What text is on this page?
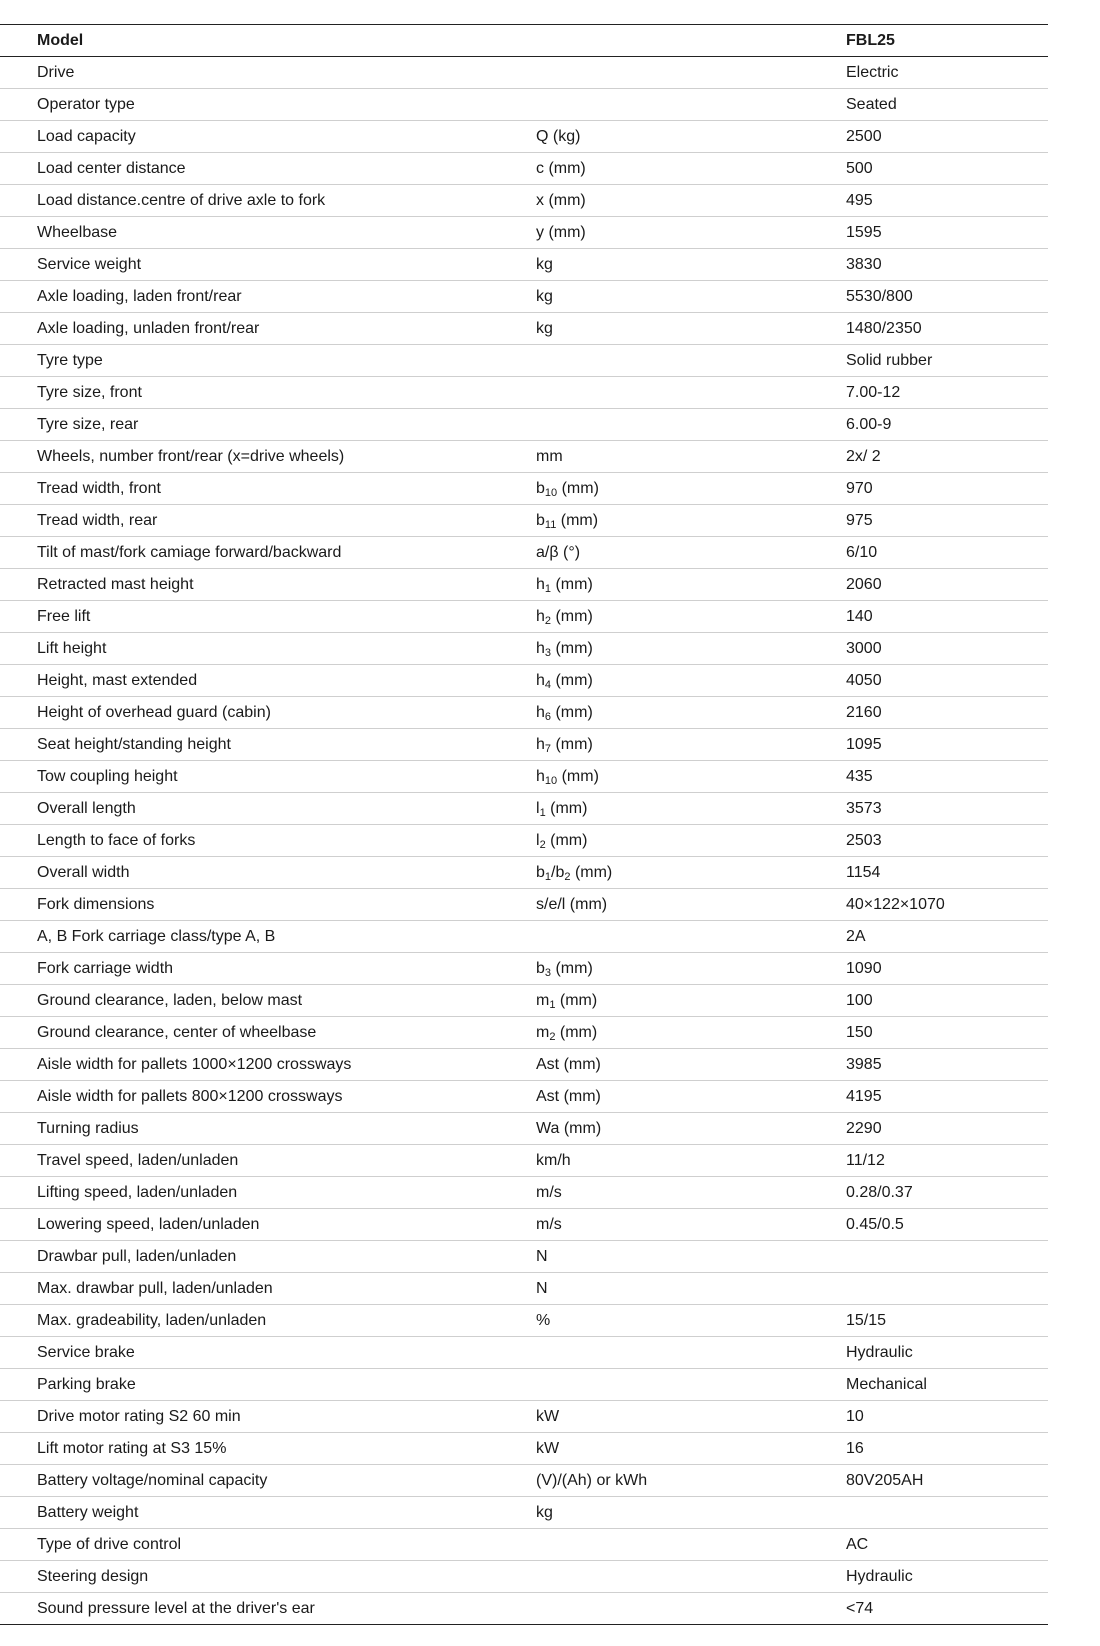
Model		FBL25
Drive		Electric
Operator type		Seated
Load capacity	Q (kg)	2500
Load center distance	c (mm)	500
Load distance.centre of drive axle to fork	x (mm)	495
Wheelbase	y (mm)	1595
Service weight	kg	3830
Axle loading, laden front/rear	kg	5530/800
Axle loading, unladen front/rear	kg	1480/2350
Tyre type		Solid rubber
Tyre size, front		7.00-12
Tyre size, rear		6.00-9
Wheels, number front/rear (x=drive wheels)	mm	2x/ 2
Tread width, front	$b_{10}$ (mm)	970
Tread width, rear	$b_{11}$ (mm)	975
Tilt of mast/fork camiage forward/backward	a/β (°)	6/10
Retracted mast height	$h_1$ (mm)	2060
Free lift	$h_2$ (mm)	140
Lift height	$h_3$ (mm)	3000
Height, mast extended	$h_4$ (mm)	4050
Height of overhead guard (cabin)	$h_6$ (mm)	2160
Seat height/standing height	$h_7$ (mm)	1095
Tow coupling height	$h_{10}$ (mm)	435
Overall length	$l_1$ (mm)	3573
Length to face of forks	$l_2$ (mm)	2503
Overall width	$b_1/b_2$ (mm)	1154
Fork dimensions	s/e/l (mm)	40×122×1070
A, B Fork carriage class/type A, B		2A
Fork carriage width	$b_3$ (mm)	1090
Ground clearance, laden, below mast	$m_1$ (mm)	100
Ground clearance, center of wheelbase	$m_2$ (mm)	150
Aisle width for pallets 1000×1200 crossways	Ast (mm)	3985
Aisle width for pallets 800×1200 crossways	Ast (mm)	4195
Turning radius	Wa (mm)	2290
Travel speed, laden/unladen	km/h	11/12
Lifting speed, laden/unladen	m/s	0.28/0.37
Lowering speed, laden/unladen	m/s	0.45/0.5
Drawbar pull, laden/unladen	N	
Max. drawbar pull, laden/unladen	N	
Max. gradeability, laden/unladen	%	15/15
Service brake		Hydraulic
Parking brake		Mechanical
Drive motor rating S2 60 min	kW	10
Lift motor rating at S3 15%	kW	16
Battery voltage/nominal capacity	(V)/(Ah) or kWh	80V205AH
Battery weight	kg	
Type of drive control		AC
Steering design		Hydraulic
Sound pressure level at the driver's ear		<74
